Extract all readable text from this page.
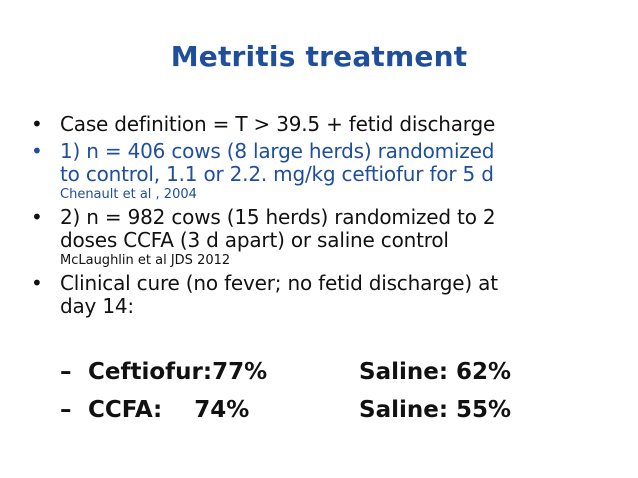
Metritis treatment
• Case definition = T > 39.5 + fetid discharge
• 1) n = 406 cows (8 large herds) randomized
to control, 1.1 or 2.2. mg/kg ceftiofur for 5 d
Chenault et al , 2004
• 2) n = 982 cows (15 herds) randomized to 2
doses CCFA (3 d apart) or saline control
McLaughlin et al JDS 2012
• Clinical cure (no fever; no fetid discharge) at
day 14:
– Ceftiofur:77%	Saline: 62%
– CCFA:    74%	Saline: 55%
